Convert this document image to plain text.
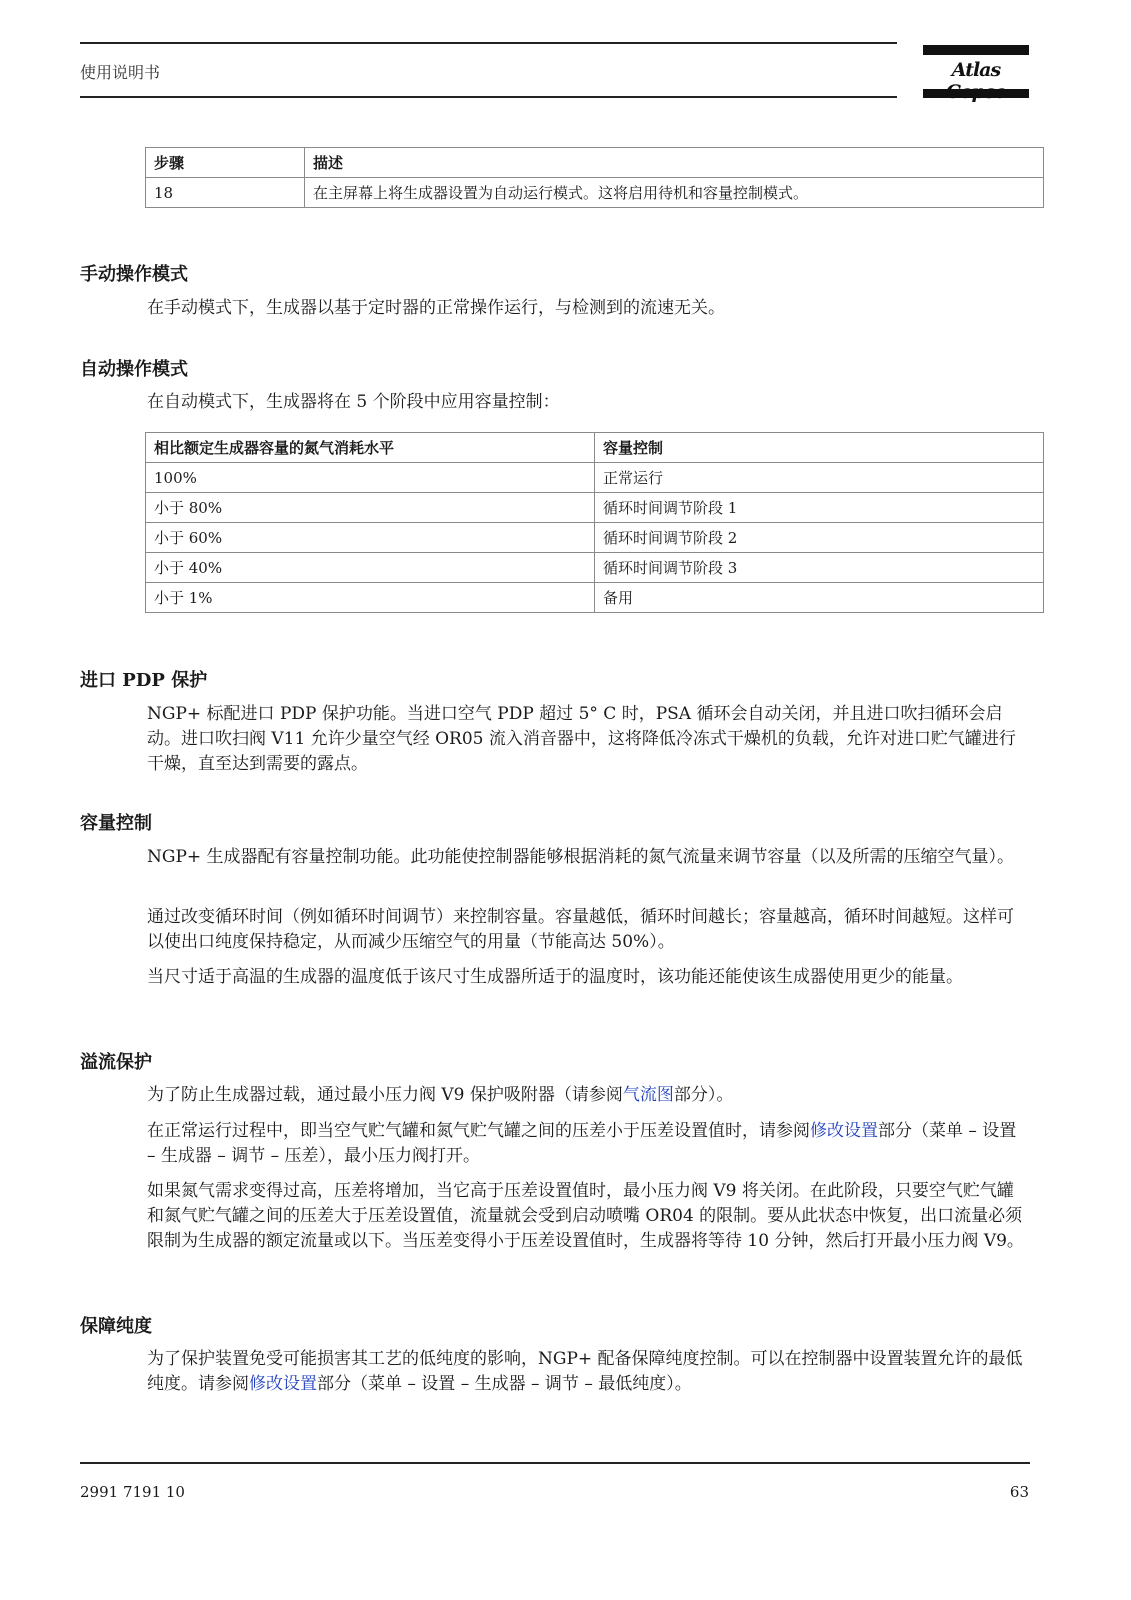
使用说明书	Atlas
步骤	描述
18	在主屏幕上将生成器设置为自动运行模式。这将启用待机和容量控制模式。
手动操作模式
在手动模式下，生成器以基于定时器的正常操作运行，与检测到的流速无关。
自动操作模式
在自动模式下，生成器将在 5 个阶段中应用容量控制：
相比额定生成器容量的氮气消耗水平	容量控制
100%	正常运行
小于 80%	循环时间调节阶段 1
小于 60%	循环时间调节阶段 2
小于 40%	循环时间调节阶段 3
小于 1%	备用
进口 PDP 保护
NGP+ 标配进口 PDP 保护功能。当进口空气 PDP 超过 5° C 时，PSA 循环会自动关闭，并且进口吹扫循环会启动。进口吹扫阀 V11 允许少量空气经 OR05 流入消音器中，这将降低冷冻式干燥机的负载，允许对进口贮气罐进行干燥，直至达到需要的露点。
容量控制
NGP+ 生成器配有容量控制功能。此功能使控制器能够根据消耗的氮气流量来调节容量（以及所需的压缩空气量）。
通过改变循环时间（例如循环时间调节）来控制容量。容量越低，循环时间越长；容量越高，循环时间越短。这样可以使出口纯度保持稳定，从而减少压缩空气的用量（节能高达 50%）。
当尺寸适于高温的生成器的温度低于该尺寸生成器所适于的温度时，该功能还能使该生成器使用更少的能量。
溢流保护
为了防止生成器过载，通过最小压力阀 V9 保护吸附器（请参阅气流图部分）。
在正常运行过程中，即当空气贮气罐和氮气贮气罐之间的压差小于压差设置值时，请参阅修改设置部分（菜单 – 设置 – 生成器 – 调节 – 压差），最小压力阀打开。
如果氮气需求变得过高，压差将增加，当它高于压差设置值时，最小压力阀 V9 将关闭。在此阶段，只要空气贮气罐和氮气贮气罐之间的压差大于压差设置值，流量就会受到启动喷嘴 OR04 的限制。要从此状态中恢复，出口流量必须限制为生成器的额定流量或以下。当压差变得小于压差设置值时，生成器将等待 10 分钟，然后打开最小压力阀 V9。
保障纯度
为了保护装置免受可能损害其工艺的低纯度的影响，NGP+ 配备保障纯度控制。可以在控制器中设置装置允许的最低纯度。请参阅修改设置部分（菜单 – 设置 – 生成器 – 调节 – 最低纯度）。
2991 7191 10	63
